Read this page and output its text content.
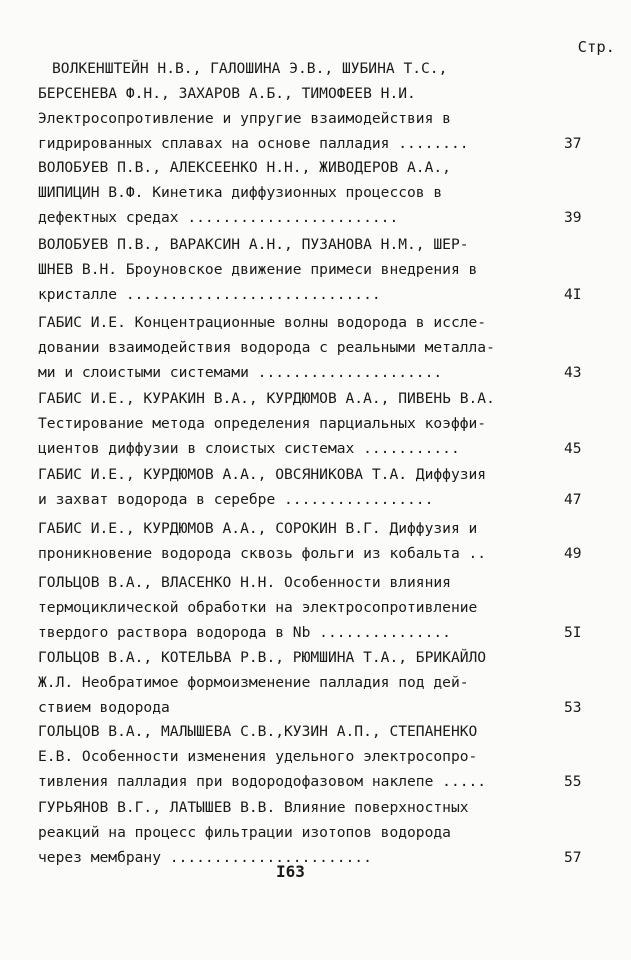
Стр.
ВОЛКЕНШТЕЙН Н.В., ГАЛОШИНА Э.В., ШУБИНА Т.С.,
БЕРСЕНЕВА Ф.Н., ЗАХАРОВ А.Б., ТИМОФЕЕВ Н.И.
Электросопротивление и упругие взаимодействия в
гидрированных сплавах на основе палладия ........	37
ВОЛОБУЕВ П.В., АЛЕКСЕЕНКО Н.Н., ЖИВОДЕРОВ А.А.,
ШИПИЦИН В.Ф. Кинетика диффузионных процессов в
дефектных средах ........................	39
ВОЛОБУЕВ П.В., ВАРАКСИН А.Н., ПУЗАНОВА Н.М., ШЕР-
ШНЕВ В.Н. Броуновское движение примеси внедрения в
кристалле .............................	4I
ГАБИС И.Е. Концентрационные волны водорода в иссле-
довании взаимодействия водорода с реальными металла-
ми и слоистыми системами .....................	43
ГАБИС И.Е., КУРАКИН В.А., КУРДЮМОВ А.А., ПИВЕНЬ В.А.
Тестирование метода определения парциальных коэффи-
циентов диффузии в слоистых системах ...........	45
ГАБИС И.Е., КУРДЮМОВ А.А., ОВСЯНИКОВА Т.А. Диффузия
и захват водорода в серебре .................	47
ГАБИС И.Е., КУРДЮМОВ А.А., СОРОКИН В.Г. Диффузия и
проникновение водорода сквозь фольги из кобальта ..	49
ГОЛЬЦОВ В.А., ВЛАСЕНКО Н.Н. Особенности влияния
термоциклической обработки на электросопротивление
твердого раствора водорода в Nb ...............	5I
ГОЛЬЦОВ В.А., КОТЕЛЬВА Р.В., РЮМШИНА Т.А., БРИКАЙЛО
Ж.Л. Необратимое формоизменение палладия под дей-
ствием водорода	53
ГОЛЬЦОВ В.А., МАЛЫШЕВА С.В.,КУЗИН А.П., СТЕПАНЕНКО
Е.В. Особенности изменения удельного электросопро-
тивления палладия при водородофазовом наклепе .....	55
ГУРЬЯНОВ В.Г., ЛАТЫШЕВ В.В. Влияние поверхностных
реакций на процесс фильтрации изотопов водорода
через мембрану .......................	57
I63
